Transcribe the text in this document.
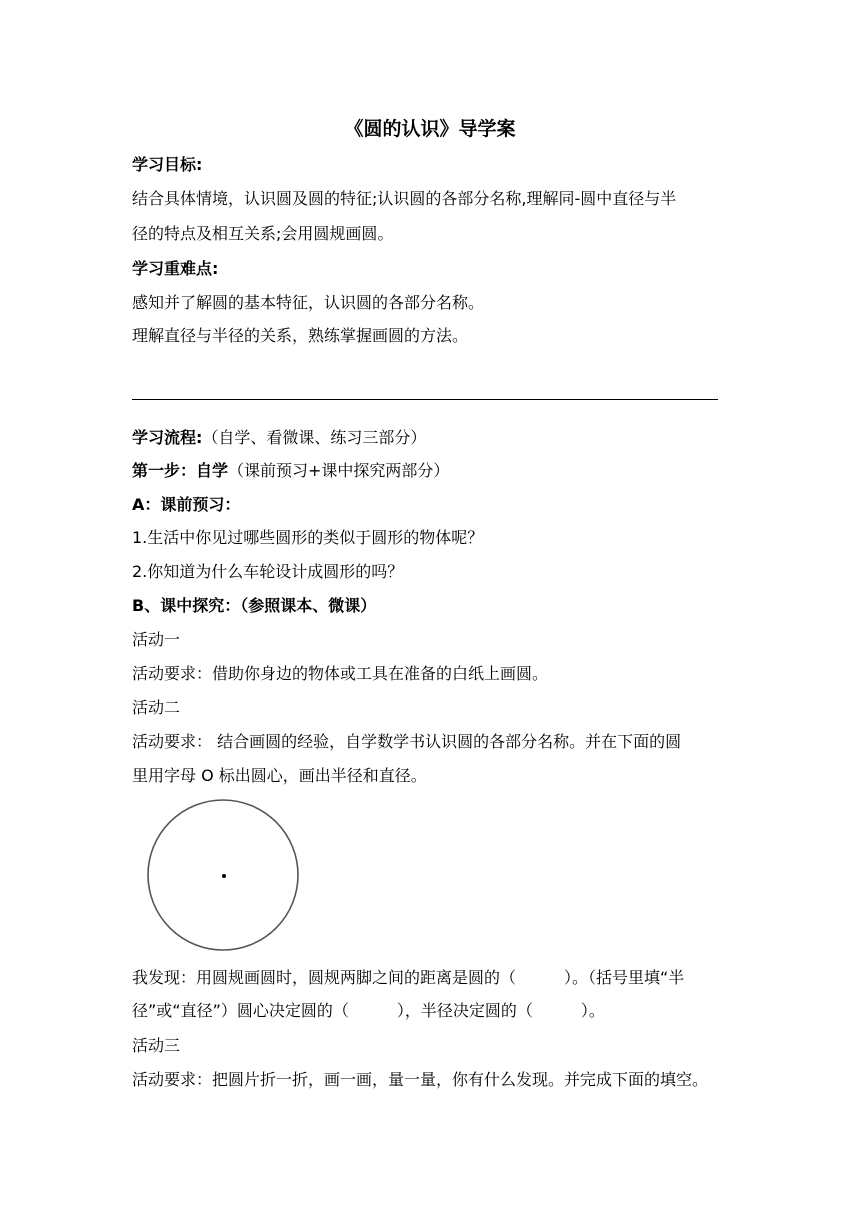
《圆的认识》导学案

学习目标:

结合具体情境，认识圆及圆的特征;认识圆的各部分名称,理解同-圆中直径与半

径的特点及相互关系;会用圆规画圆。

学习重难点:

感知并了解圆的基本特征，认识圆的各部分名称。

理解直径与半径的关系，熟练掌握画圆的方法。

学习流程:（自学、看微课、练习三部分）

第一步：自学（课前预习+课中探究两部分）

A：课前预习：

1.生活中你见过哪些圆形的类似于圆形的物体呢？

2.你知道为什么车轮设计成圆形的吗？

B、课中探究：（参照课本、微课）

活动一

活动要求：借助你身边的物体或工具在准备的白纸上画圆。

活动二

活动要求： 结合画圆的经验，自学数学书认识圆的各部分名称。并在下面的圆

里用字母 O 标出圆心，画出半径和直径。

我发现：用圆规画圆时，圆规两脚之间的距离是圆的（　　　）。（括号里填“半

径”或“直径”）圆心决定圆的（　　　），半径决定圆的（　　　）。

活动三

活动要求：把圆片折一折，画一画，量一量，你有什么发现。并完成下面的填空。
